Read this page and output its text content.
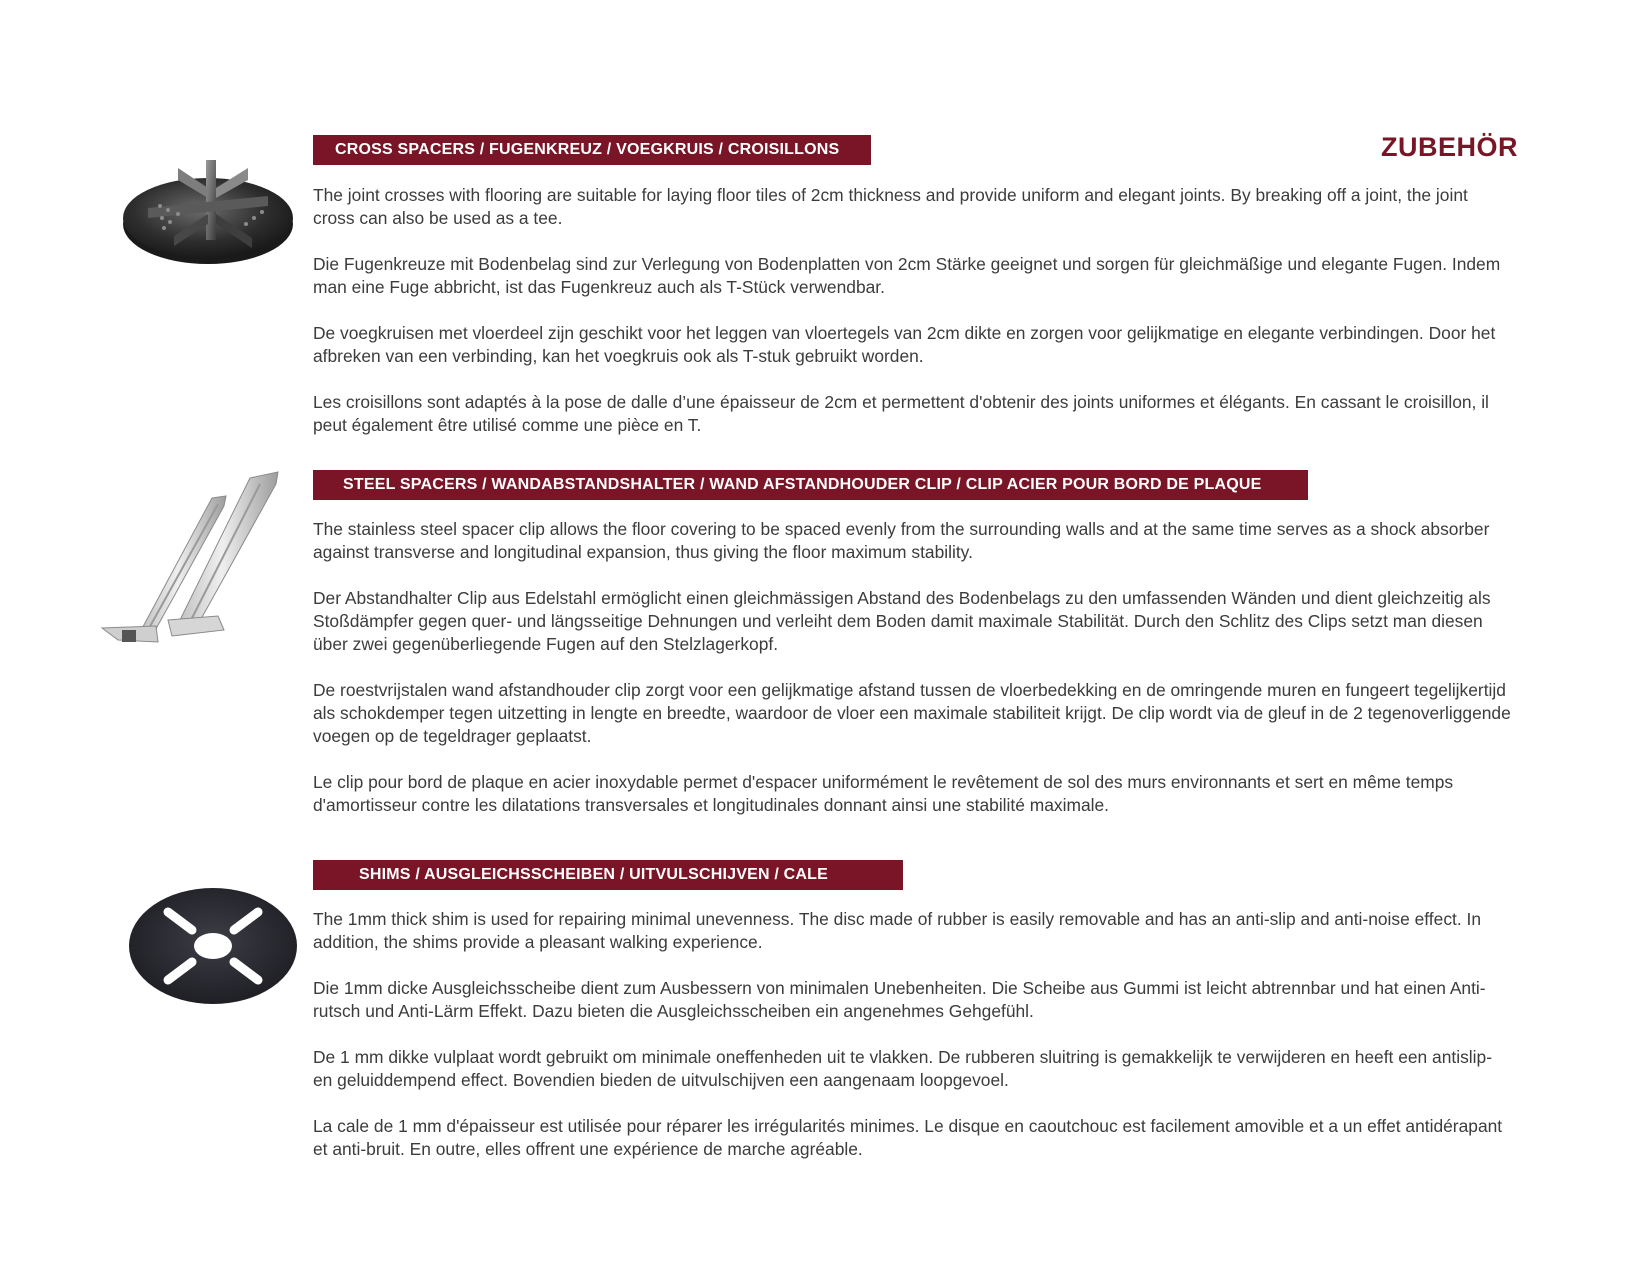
ZUBEHÖR
CROSS SPACERS / FUGENKREUZ / VOEGKRUIS / CROISILLONS

The joint crosses with flooring are suitable for laying floor tiles of 2cm thickness and provide uniform and elegant joints. By breaking off a joint, the joint cross can also be used as a tee.

Die Fugenkreuze mit Bodenbelag sind zur Verlegung von Bodenplatten von 2cm Stärke geeignet und sorgen für gleichmäßige und elegante Fugen. Indem man eine Fuge abbricht, ist das Fugenkreuz auch als T-Stück verwendbar.

De voegkruisen met vloerdeel zijn geschikt voor het leggen van vloertegels van 2cm dikte en zorgen voor gelijkmatige en elegante verbindingen. Door het afbreken van een verbinding, kan het voegkruis ook als T-stuk gebruikt worden.

Les croisillons sont adaptés à la pose de dalle d’une épaisseur de 2cm et permettent d'obtenir des joints uniformes et élégants. En cassant le croisillon, il peut également être utilisé comme une pièce en T.

STEEL SPACERS / WANDABSTANDSHALTER / WAND AFSTANDHOUDER CLIP / CLIP ACIER POUR BORD DE PLAQUE

The stainless steel spacer clip allows the floor covering to be spaced evenly from the surrounding walls and at the same time serves as a shock absorber against transverse and longitudinal expansion, thus giving the floor maximum stability.

Der Abstandhalter Clip aus Edelstahl ermöglicht einen gleichmässigen Abstand des Bodenbelags zu den umfassenden Wänden und dient gleichzeitig als Stoßdämpfer gegen quer- und längsseitige Dehnungen und verleiht dem Boden damit maximale Stabilität. Durch den Schlitz des Clips setzt man diesen über zwei gegenüberliegende Fugen auf den Stelzlagerkopf.

De roestvrijstalen wand afstandhouder clip zorgt voor een gelijkmatige afstand tussen de vloerbedekking en de omringende muren en fungeert tegelijkertijd als schokdemper tegen uitzetting in lengte en breedte, waardoor de vloer een maximale stabiliteit krijgt. De clip wordt via de gleuf in de 2 tegenoverliggende voegen op de tegeldrager geplaatst.

Le clip pour bord de plaque en acier inoxydable permet d'espacer uniformément le revêtement de sol des murs environnants et sert en même temps d'amortisseur contre les dilatations transversales et longitudinales donnant ainsi une stabilité maximale.

SHIMS / AUSGLEICHSSCHEIBEN / UITVULSCHIJVEN / CALE

The 1mm thick shim is used for repairing minimal unevenness. The disc made of rubber is easily removable and has an anti-slip and anti-noise effect. In addition, the shims provide a pleasant walking experience.

Die 1mm dicke Ausgleichsscheibe dient zum Ausbessern von minimalen Unebenheiten. Die Scheibe aus Gummi ist leicht abtrennbar und hat einen Anti-rutsch und Anti-Lärm Effekt. Dazu bieten die Ausgleichsscheiben ein angenehmes Gehgefühl.

De 1 mm dikke vulplaat wordt gebruikt om minimale oneffenheden uit te vlakken. De rubberen sluitring is gemakkelijk te verwijderen en heeft een antislip- en geluiddempend effect. Bovendien bieden de uitvulschijven een aangenaam loopgevoel.

La cale de 1 mm d'épaisseur est utilisée pour réparer les irrégularités minimes. Le disque en caoutchouc est facilement amovible et a un effet antidérapant et anti-bruit. En outre, elles offrent une expérience de marche agréable.
